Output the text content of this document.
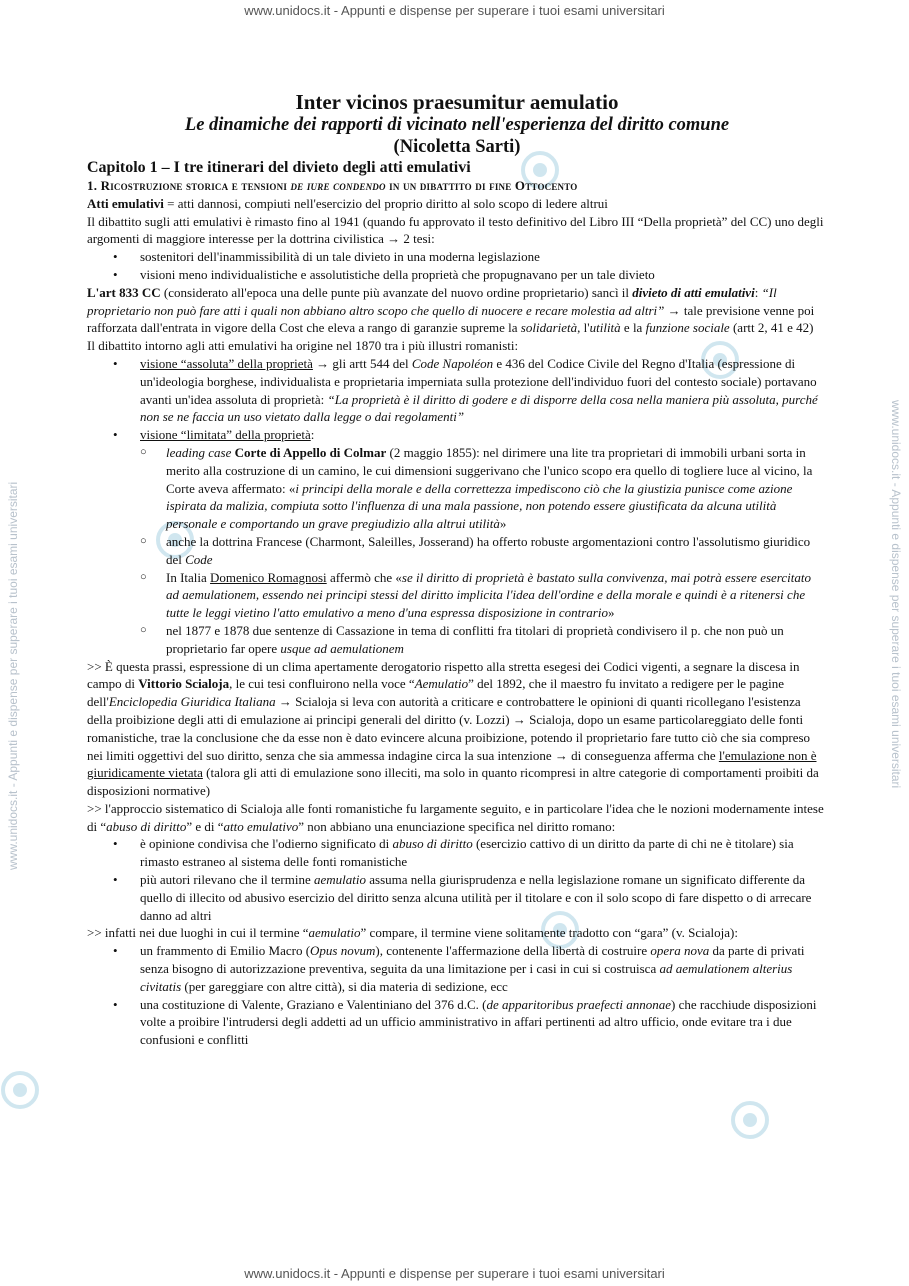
www.unidocs.it - Appunti e dispense per superare i tuoi esami universitari
www.unidocs.it - Appunti e dispense per superare i tuoi esami universitari
www.unidocs.it - Appunti e dispense per superare i tuoi esami universitari	www.unidocs.it - Appunti e dispense per superare i tuoi esami universitari
Inter vicinos praesumitur aemulatio
Le dinamiche dei rapporti di vicinato nell'esperienza del diritto comune
(Nicoletta Sarti)
Capitolo 1 – I tre itinerari del divieto degli atti emulativi
1. Ricostruzione storica e tensioni de iure condendo in un dibattito di fine Ottocento

Atti emulativi = atti dannosi, compiuti nell'esercizio del proprio diritto al solo scopo di ledere altrui

Il dibattito sugli atti emulativi è rimasto fino al 1941 (quando fu approvato il testo definitivo del Libro III “Della proprietà” del CC) uno degli argomenti di maggiore interesse per la dottrina civilistica → 2 tesi:

• sostenitori dell'inammissibilità di un tale divieto in una moderna legislazione
• visioni meno individualistiche e assolutistiche della proprietà che propugnavano per un tale divieto

L'art 833 CC (considerato all'epoca una delle punte più avanzate del nuovo ordine proprietario) sancì il divieto di atti emulativi: “Il proprietario non può fare atti i quali non abbiano altro scopo che quello di nuocere e recare molestia ad altri” → tale previsione venne poi rafforzata dall'entrata in vigore della Cost che eleva a rango di garanzie supreme la solidarietà, l'utilità e la funzione sociale (artt 2, 41 e 42)

Il dibattito intorno agli atti emulativi ha origine nel 1870 tra i più illustri romanisti:

• visione “assoluta” della proprietà → gli artt 544 del Code Napoléon e 436 del Codice Civile del Regno d'Italia (espressione di un'ideologia borghese, individualista e proprietaria imperniata sulla protezione dell'individuo fuori del contesto sociale) portavano avanti un'idea assoluta di proprietà: “La proprietà è il diritto di godere e di disporre della cosa nella maniera più assoluta, purché non se ne faccia un uso vietato dalla legge o dai regolamenti”
• visione “limitata” della proprietà:
○ leading case Corte di Appello di Colmar (2 maggio 1855): nel dirimere una lite tra proprietari di immobili urbani sorta in merito alla costruzione di un camino, le cui dimensioni suggerivano che l'unico scopo era quello di togliere luce al vicino, la Corte aveva affermato: «i principi della morale e della correttezza impediscono ciò che la giustizia punisce come azione ispirata da malizia, compiuta sotto l'influenza di una mala passione, non potendo essere giustificata da alcuna utilità personale e comportando un grave pregiudizio alla altrui utilità»
○ anche la dottrina Francese (Charmont, Saleilles, Josserand) ha offerto robuste argomentazioni contro l'assolutismo giuridico del Code
○ In Italia Domenico Romagnosi affermò che «se il diritto di proprietà è bastato sulla convivenza, mai potrà essere esercitato ad aemulationem, essendo nei principi stessi del diritto implicita l'idea dell'ordine e della morale e quindi è a ritenersi che tutte le leggi vietino l'atto emulativo a meno d'una espressa disposizione in contrario»
○ nel 1877 e 1878 due sentenze di Cassazione in tema di conflitti fra titolari di proprietà condivisero il p. che non può un proprietario far opere usque ad aemulationem

>> È questa prassi, espressione di un clima apertamente derogatorio rispetto alla stretta esegesi dei Codici vigenti, a segnare la discesa in campo di Vittorio Scialoja, le cui tesi confluirono nella voce “Aemulatio” del 1892, che il maestro fu invitato a redigere per le pagine dell'Enciclopedia Giuridica Italiana → Scialoja si leva con autorità a criticare e controbattere le opinioni di quanti ricollegano l'esistenza della proibizione degli atti di emulazione ai principi generali del diritto (v. Lozzi) → Scialoja, dopo un esame particolareggiato delle fonti romanistiche, trae la conclusione che da esse non è dato evincere alcuna proibizione, potendo il proprietario fare tutto ciò che sia compreso nei limiti oggettivi del suo diritto, senza che sia ammessa indagine circa la sua intenzione → di conseguenza afferma che l'emulazione non è giuridicamente vietata (talora gli atti di emulazione sono illeciti, ma solo in quanto ricompresi in altre categorie di comportamenti proibiti da disposizioni normative)

>> l'approccio sistematico di Scialoja alle fonti romanistiche fu largamente seguito, e in particolare l'idea che le nozioni modernamente intese di “abuso di diritto” e di “atto emulativo” non abbiano una enunciazione specifica nel diritto romano:

• è opinione condivisa che l'odierno significato di abuso di diritto (esercizio cattivo di un diritto da parte di chi ne è titolare) sia rimasto estraneo al sistema delle fonti romanistiche
• più autori rilevano che il termine aemulatio assuma nella giurisprudenza e nella legislazione romane un significato differente da quello di illecito od abusivo esercizio del diritto senza alcuna utilità per il titolare e con il solo scopo di fare dispetto o di arrecare danno ad altri

>> infatti nei due luoghi in cui il termine “aemulatio” compare, il termine viene solitamente tradotto con “gara” (v. Scialoja):

• un frammento di Emilio Macro (Opus novum), contenente l'affermazione della libertà di costruire opera nova da parte di privati senza bisogno di autorizzazione preventiva, seguita da una limitazione per i casi in cui si costruisca ad aemulationem alterius civitatis (per gareggiare con altre città), si dia materia di sedizione, ecc
• una costituzione di Valente, Graziano e Valentiniano del 376 d.C. (de apparitoribus praefecti annonae) che racchiude disposizioni volte a proibire l'intrudersi degli addetti ad un ufficio amministrativo in affari pertinenti ad altro ufficio, onde evitare tra i due confusioni e conflitti
